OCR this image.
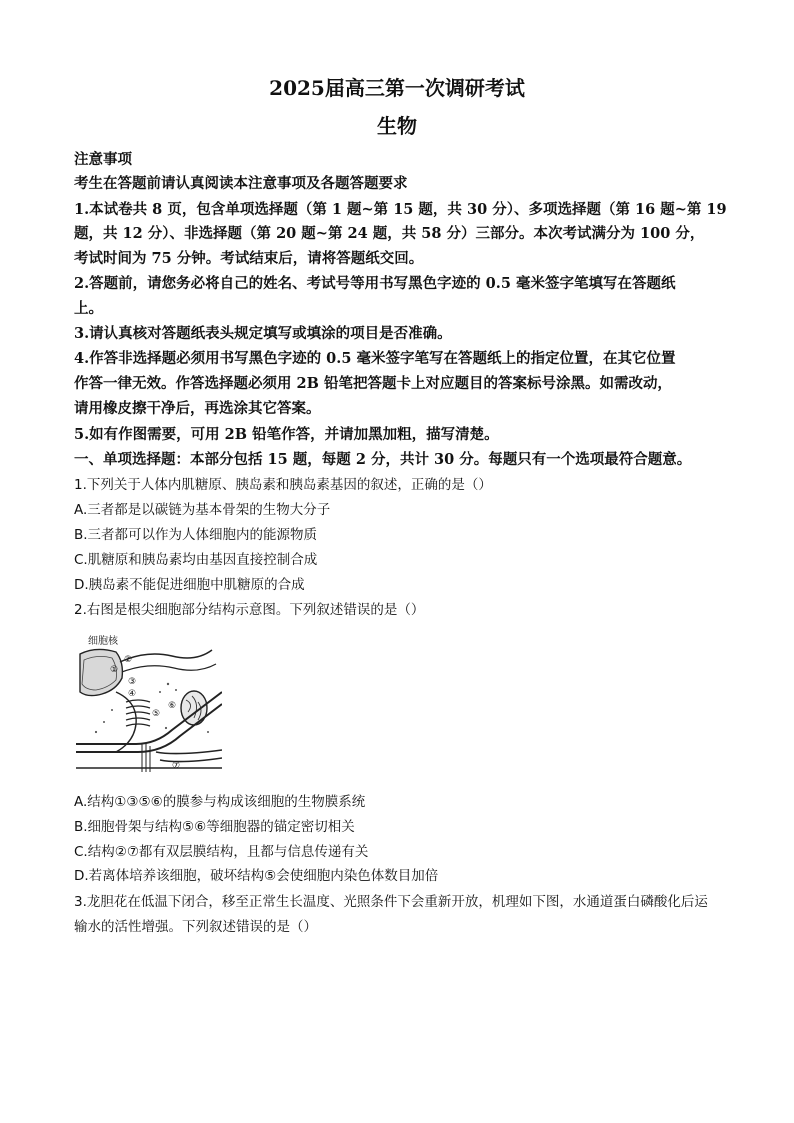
2025届高三第一次调研考试
生物
注意事项
考生在答题前请认真阅读本注意事项及各题答题要求
1.本试卷共 8 页，包含单项选择题（第 1 题~第 15 题，共 30 分）、多项选择题（第 16 题~第 19
题，共 12 分）、非选择题（第 20 题~第 24 题，共 58 分）三部分。本次考试满分为 100 分，
考试时间为 75 分钟。考试结束后，请将答题纸交回。
2.答题前，请您务必将自己的姓名、考试号等用书写黑色字迹的 0.5 毫米签字笔填写在答题纸
上。
3.请认真核对答题纸表头规定填写或填涂的项目是否准确。
4.作答非选择题必须用书写黑色字迹的 0.5 毫米签字笔写在答题纸上的指定位置，在其它位置
作答一律无效。作答选择题必须用 2B 铅笔把答题卡上对应题目的答案标号涂黑。如需改动，
请用橡皮擦干净后，再选涂其它答案。
5.如有作图需要，可用 2B 铅笔作答，并请加黑加粗，描写清楚。
一、单项选择题：本部分包括 15 题，每题 2 分，共计 30 分。每题只有一个选项最符合题意。
1.下列关于人体内肌糖原、胰岛素和胰岛素基因的叙述，正确的是（）
A.三者都是以碳链为基本骨架的生物大分子
B.三者都可以作为人体细胞内的能源物质
C.肌糖原和胰岛素均由基因直接控制合成
D.胰岛素不能促进细胞中肌糖原的合成
2.右图是根尖细胞部分结构示意图。下列叙述错误的是（）
细胞核
①
②
③
④
⑤
⑥
⑦
A.结构①③⑤⑥的膜参与构成该细胞的生物膜系统
B.细胞骨架与结构⑤⑥等细胞器的锚定密切相关
C.结构②⑦都有双层膜结构，且都与信息传递有关
D.若离体培养该细胞，破坏结构⑤会使细胞内染色体数目加倍
3.龙胆花在低温下闭合，移至正常生长温度、光照条件下会重新开放，机理如下图，水通道蛋白磷酸化后运
输水的活性增强。下列叙述错误的是（）
